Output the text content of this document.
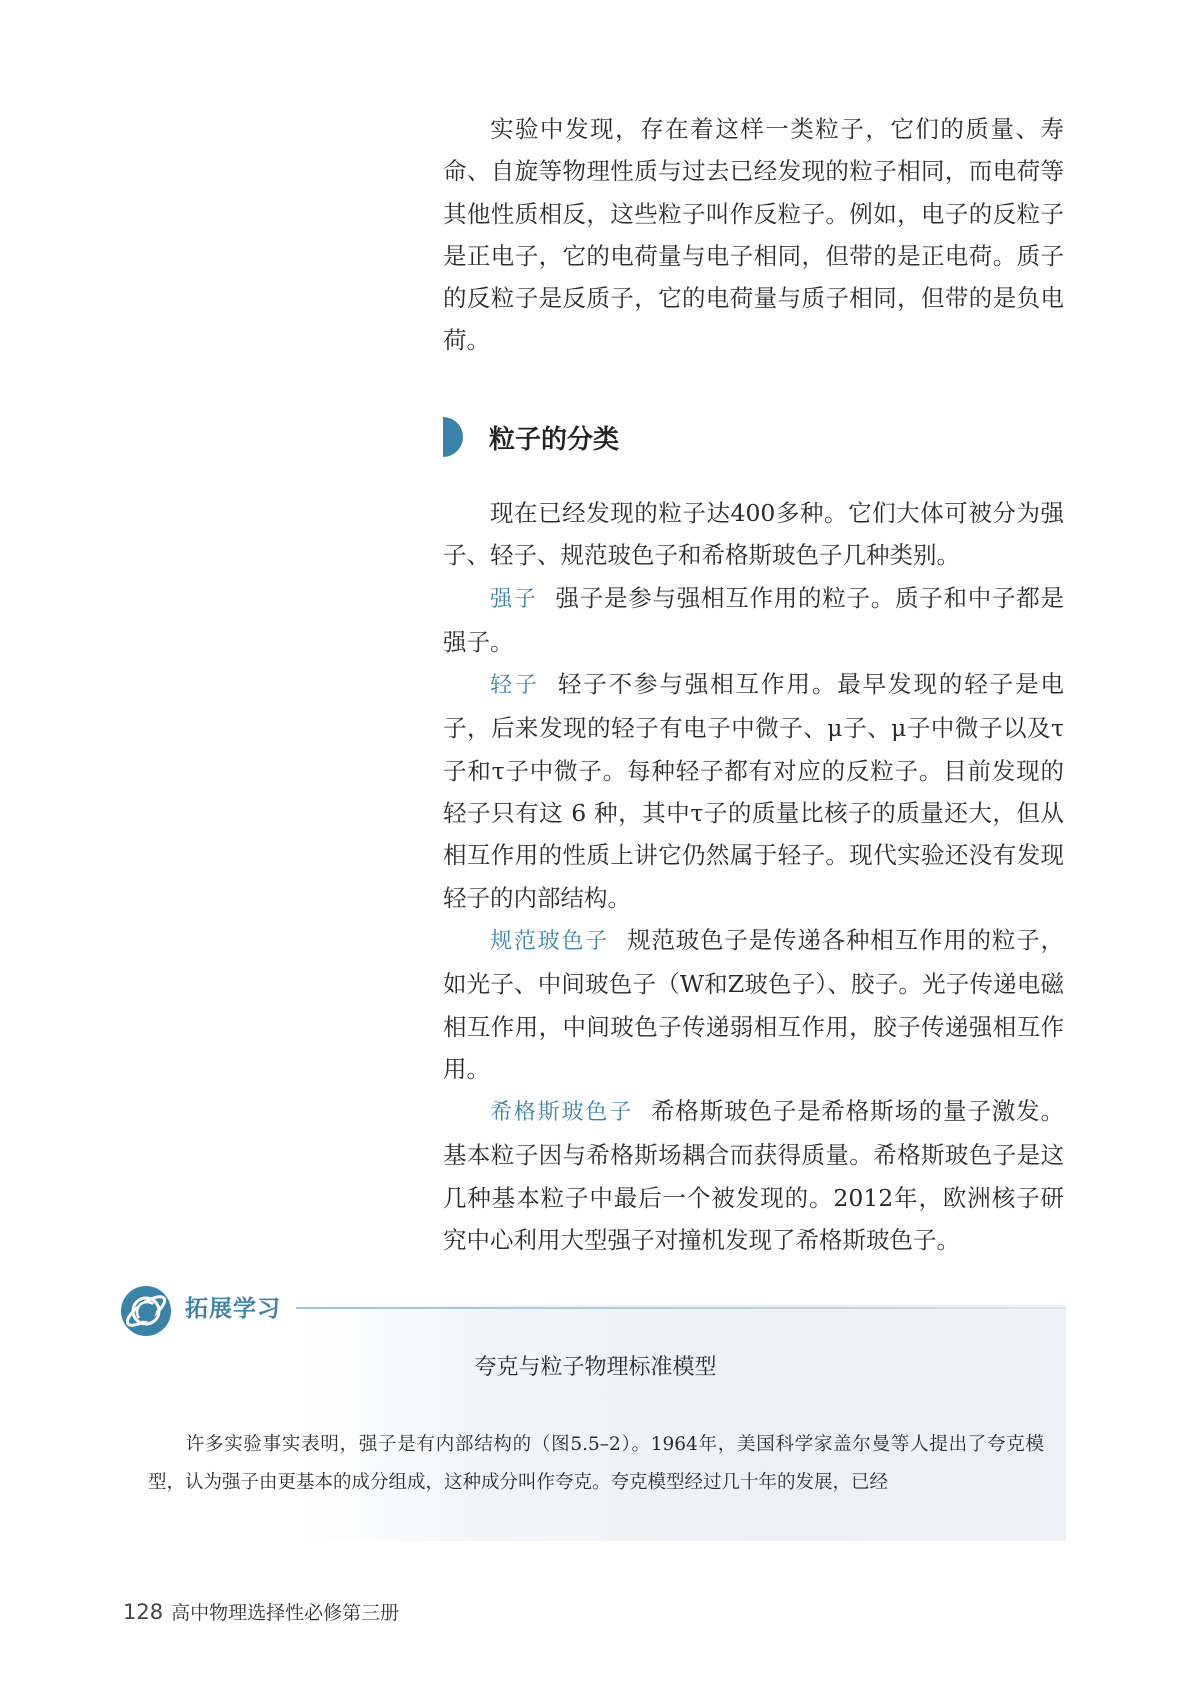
实验中发现，存在着这样一类粒子，它们的质量、寿命、自旋等物理性质与过去已经发现的粒子相同，而电荷等其他性质相反，这些粒子叫作反粒子。例如，电子的反粒子是正电子，它的电荷量与电子相同，但带的是正电荷。质子的反粒子是反质子，它的电荷量与质子相同，但带的是负电荷。

粒子的分类

现在已经发现的粒子达400多种。它们大体可被分为强子、轻子、规范玻色子和希格斯玻色子几种类别。

强子 强子是参与强相互作用的粒子。质子和中子都是强子。

轻子 轻子不参与强相互作用。最早发现的轻子是电子，后来发现的轻子有电子中微子、μ子、μ子中微子以及τ子和τ子中微子。每种轻子都有对应的反粒子。目前发现的轻子只有这 6 种，其中τ子的质量比核子的质量还大，但从相互作用的性质上讲它仍然属于轻子。现代实验还没有发现轻子的内部结构。

规范玻色子 规范玻色子是传递各种相互作用的粒子，如光子、中间玻色子（W和Z玻色子）、胶子。光子传递电磁相互作用，中间玻色子传递弱相互作用，胶子传递强相互作用。

希格斯玻色子 希格斯玻色子是希格斯场的量子激发。基本粒子因与希格斯场耦合而获得质量。希格斯玻色子是这几种基本粒子中最后一个被发现的。2012年，欧洲核子研究中心利用大型强子对撞机发现了希格斯玻色子。

拓展学习
夸克与粒子物理标准模型

许多实验事实表明，强子是有内部结构的（图5.5–2）。1964年，美国科学家盖尔曼等人提出了夸克模型，认为强子由更基本的成分组成，这种成分叫作夸克。夸克模型经过几十年的发展，已经

128 高中物理选择性必修第三册
